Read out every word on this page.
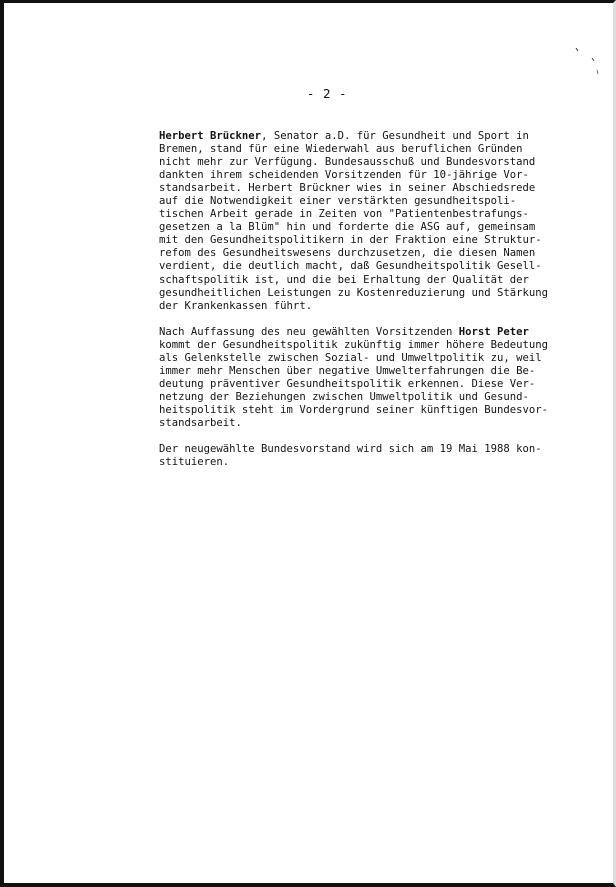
- 2 -
Herbert Brückner, Senator a.D. für Gesundheit und Sport in
Bremen, stand für eine Wiederwahl aus beruflichen Gründen
nicht mehr zur Verfügung. Bundesausschuß und Bundesvorstand
dankten ihrem scheidenden Vorsitzenden für 10-jährige Vor-
standsarbeit. Herbert Brückner wies in seiner Abschiedsrede
auf die Notwendigkeit einer verstärkten gesundheitspoli-
tischen Arbeit gerade in Zeiten von "Patientenbestrafungs-
gesetzen a la Blüm" hin und forderte die ASG auf, gemeinsam
mit den Gesundheitspolitikern in der Fraktion eine Struktur-
refom des Gesundheitswesens durchzusetzen, die diesen Namen
verdient, die deutlich macht, daß Gesundheitspolitik Gesell-
schaftspolitik ist, und die bei Erhaltung der Qualität der
gesundheitlichen Leistungen zu Kostenreduzierung und Stärkung
der Krankenkassen führt.
Nach Auffassung des neu gewählten Vorsitzenden Horst Peter
kommt der Gesundheitspolitik zukünftig immer höhere Bedeutung
als Gelenkstelle zwischen Sozial- und Umweltpolitik zu, weil
immer mehr Menschen über negative Umwelterfahrungen die Be-
deutung präventiver Gesundheitspolitik erkennen. Diese Ver-
netzung der Beziehungen zwischen Umweltpolitik und Gesund-
heitspolitik steht im Vordergrund seiner künftigen Bundesvor-
standsarbeit.
Der neugewählte Bundesvorstand wird sich am 19 Mai 1988 kon-
stituieren.
